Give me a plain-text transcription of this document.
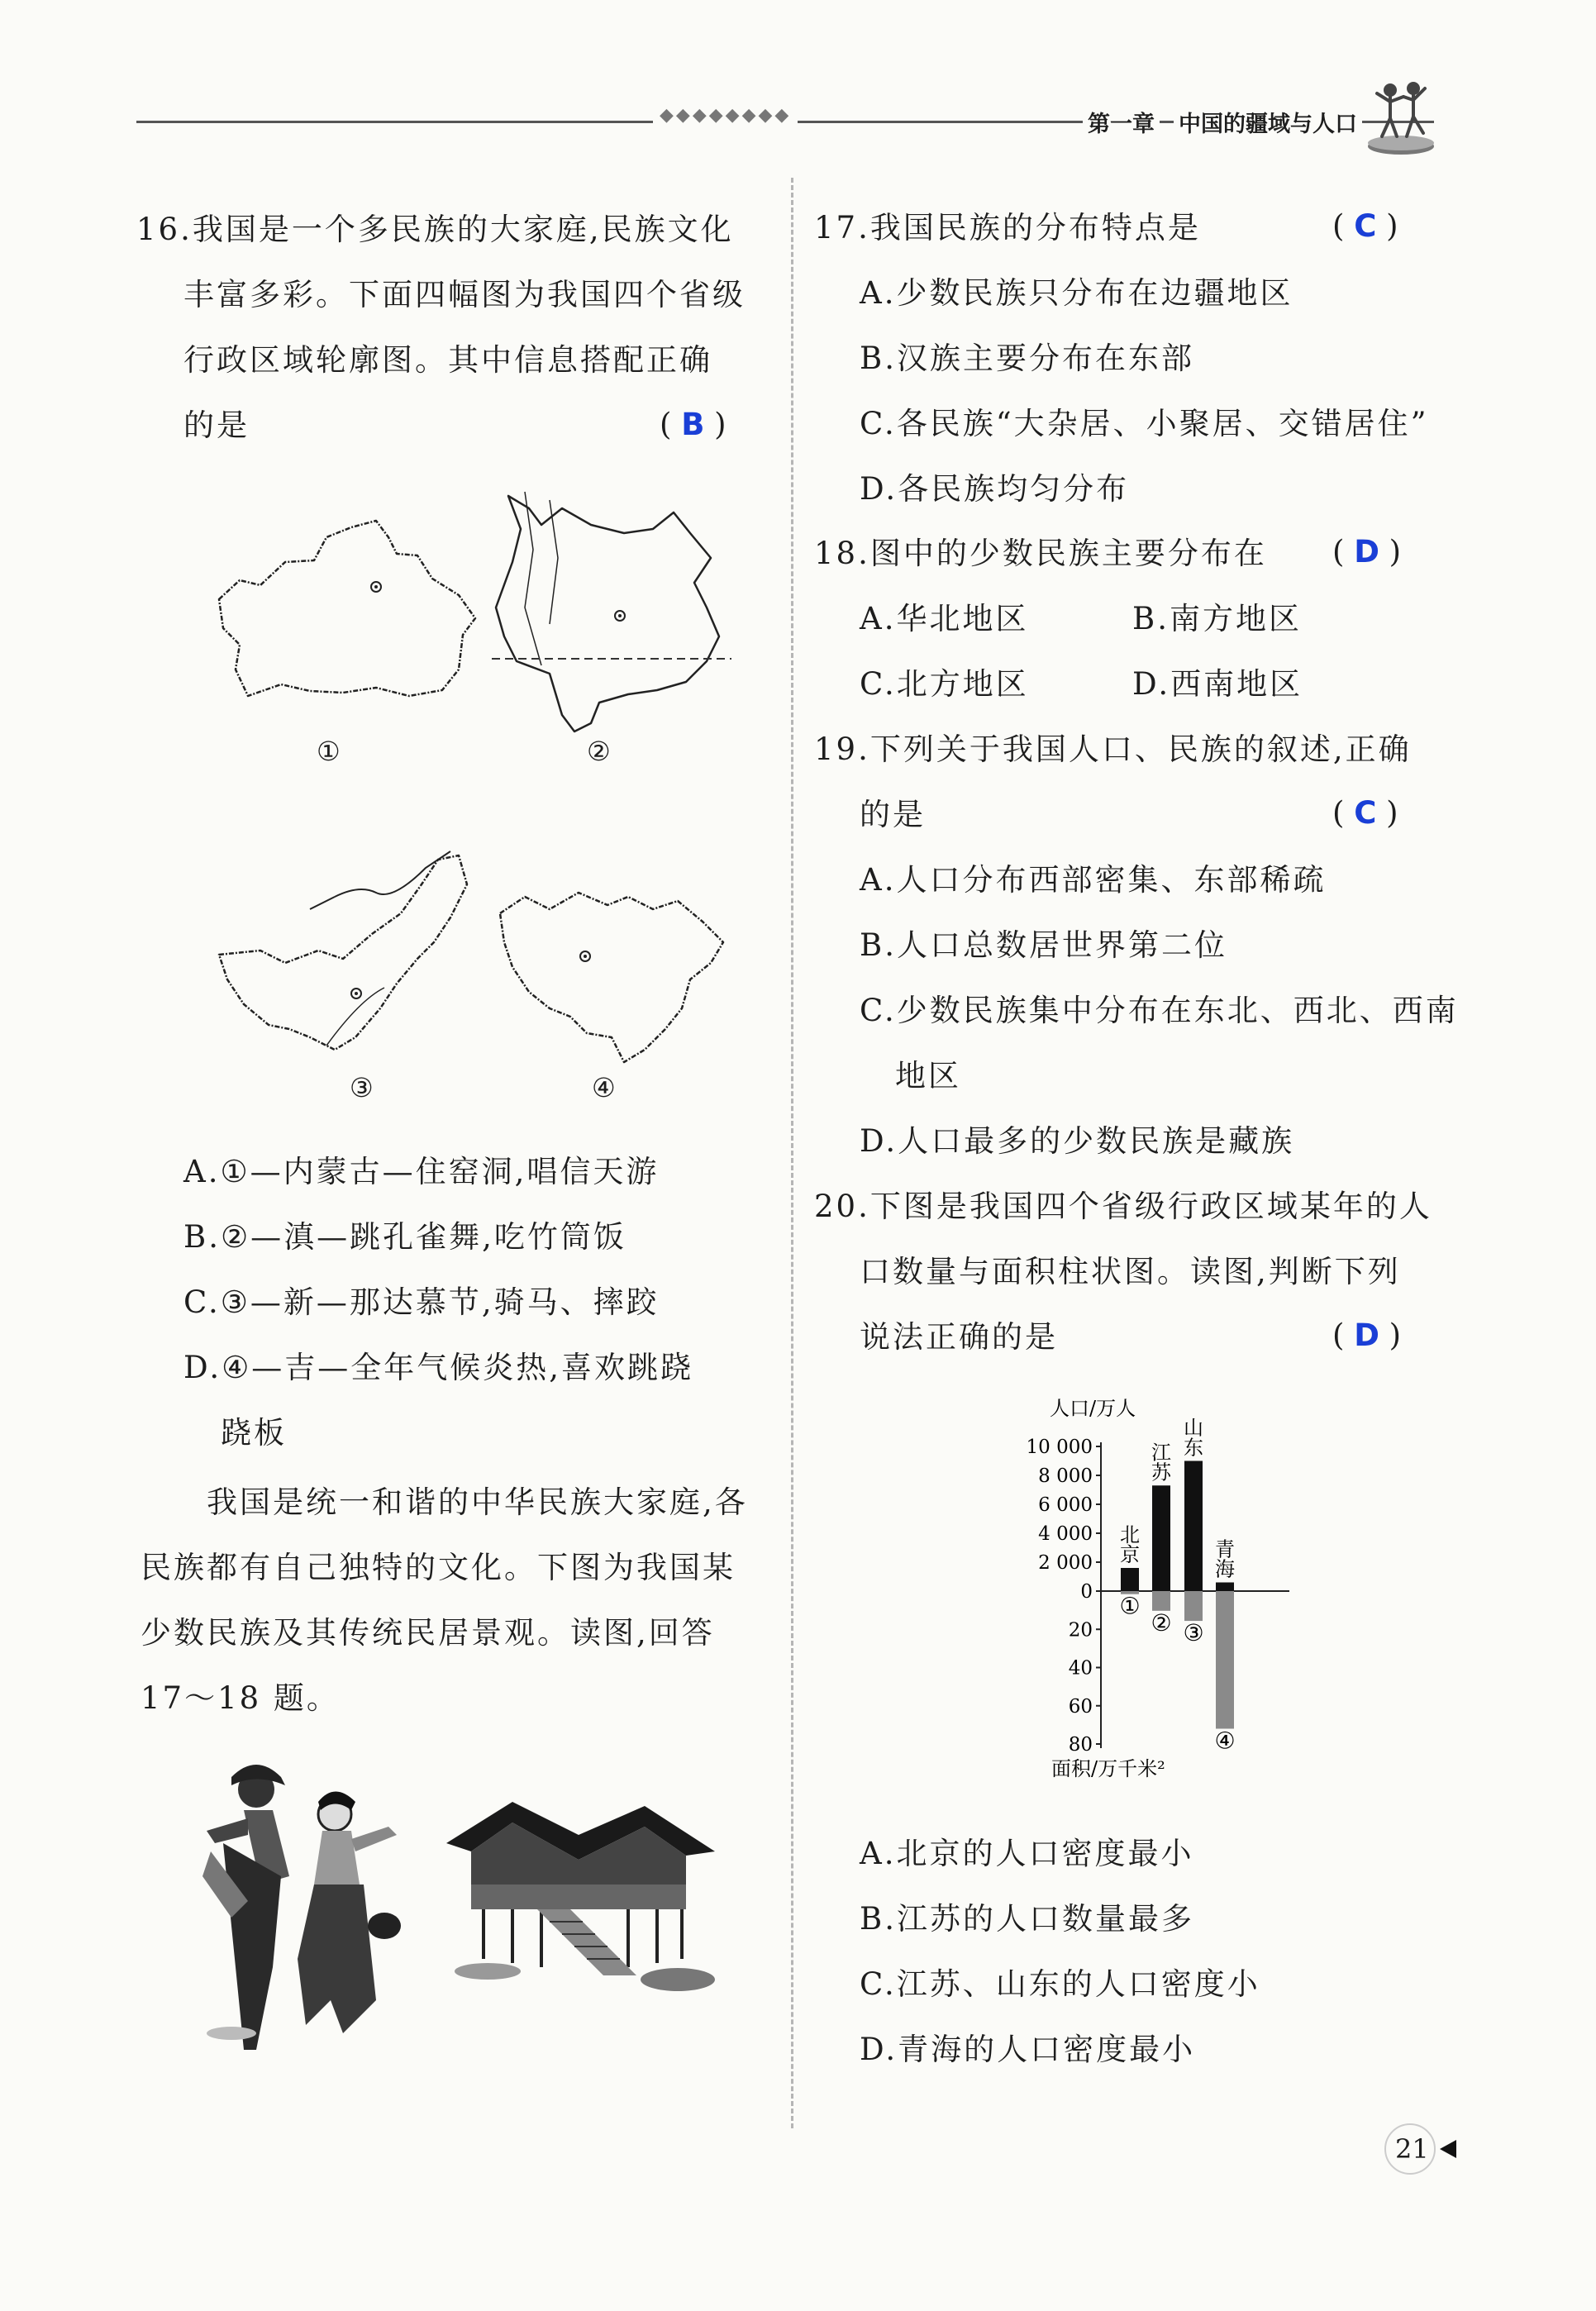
◆◆◆◆◆◆◆◆	第一章 中国的疆域与人口
16.我国是一个多民族的大家庭,民族文化
丰富多彩。下面四幅图为我国四个省级
行政区域轮廓图。其中信息搭配正确
的是	( B )
①	②
③	④
A.①—内蒙古—住窑洞,唱信天游
B.②—滇—跳孔雀舞,吃竹筒饭
C.③—新—那达慕节,骑马、摔跤
D.④—吉—全年气候炎热,喜欢跳跷
跷板
我国是统一和谐的中华民族大家庭,各
民族都有自己独特的文化。下图为我国某
少数民族及其传统民居景观。读图,回答
17～18 题。
17.我国民族的分布特点是	( C )
A.少数民族只分布在边疆地区
B.汉族主要分布在东部
C.各民族“大杂居、小聚居、交错居住”
D.各民族均匀分布
18.图中的少数民族主要分布在 ( D )
A.华北地区	B.南方地区
C.北方地区	D.西南地区
19.下列关于我国人口、民族的叙述,正确
的是	( C )
A.人口分布西部密集、东部稀疏
B.人口总数居世界第二位
C.少数民族集中分布在东北、西北、西南
地区
D.人口最多的少数民族是藏族
20.下图是我国四个省级行政区域某年的人
口数量与面积柱状图。读图,判断下列
说法正确的是	( D )
人口/万人
面积/万千米²
10 000
8 000
6 000
4 000
2 000
0
20
40
60
80
北
京
①
江
苏
②
山
东
③
青
海
④
A.北京的人口密度最小
B.江苏的人口数量最多
C.江苏、山东的人口密度小
D.青海的人口密度最小
21
